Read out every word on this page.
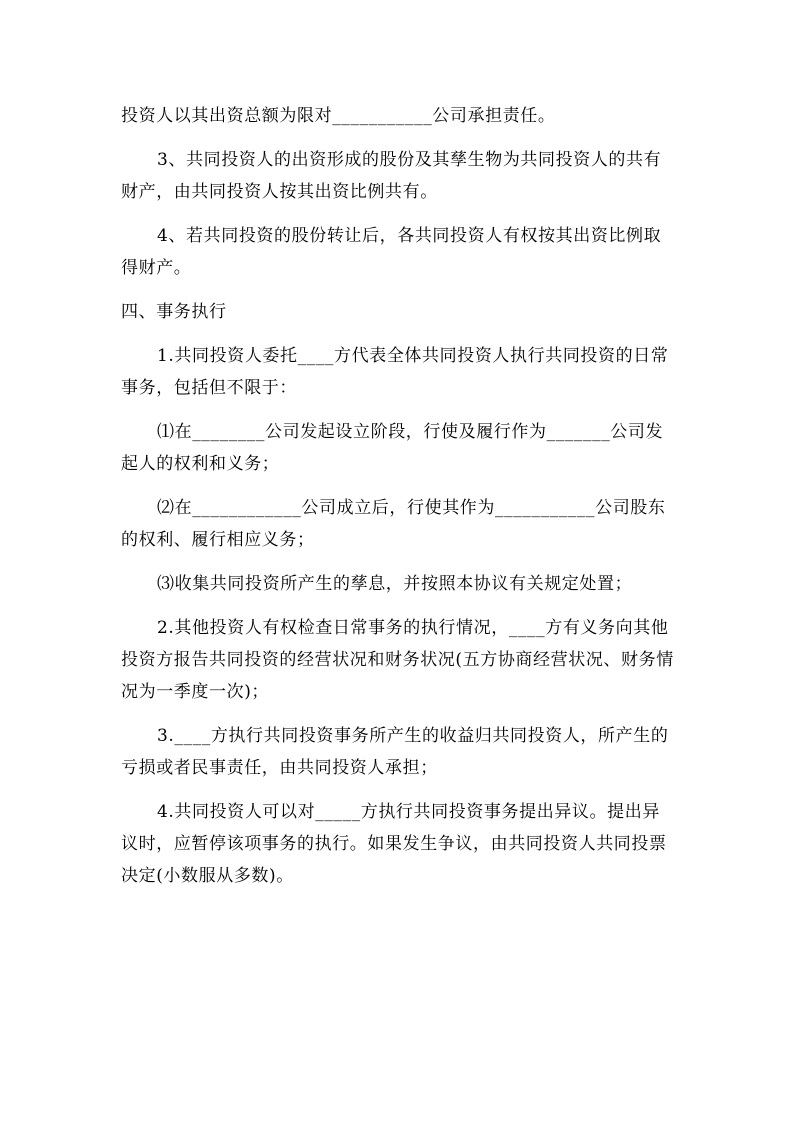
投资人以其出资总额为限对___________公司承担责任。

3、共同投资人的出资形成的股份及其孳生物为共同投资人的共有财产，由共同投资人按其出资比例共有。

4、若共同投资的股份转让后，各共同投资人有权按其出资比例取得财产。

四、事务执行

1.共同投资人委托____方代表全体共同投资人执行共同投资的日常事务，包括但不限于：

⑴在________公司发起设立阶段，行使及履行作为_______公司发起人的权利和义务；

⑵在____________公司成立后，行使其作为___________公司股东的权利、履行相应义务；

⑶收集共同投资所产生的孳息，并按照本协议有关规定处置；

2.其他投资人有权检查日常事务的执行情况，____方有义务向其他投资方报告共同投资的经营状况和财务状况(五方协商经营状况、财务情况为一季度一次)；

3.____方执行共同投资事务所产生的收益归共同投资人，所产生的亏损或者民事责任，由共同投资人承担；

4.共同投资人可以对_____方执行共同投资事务提出异议。提出异议时，应暂停该项事务的执行。如果发生争议，由共同投资人共同投票决定(小数服从多数)。
